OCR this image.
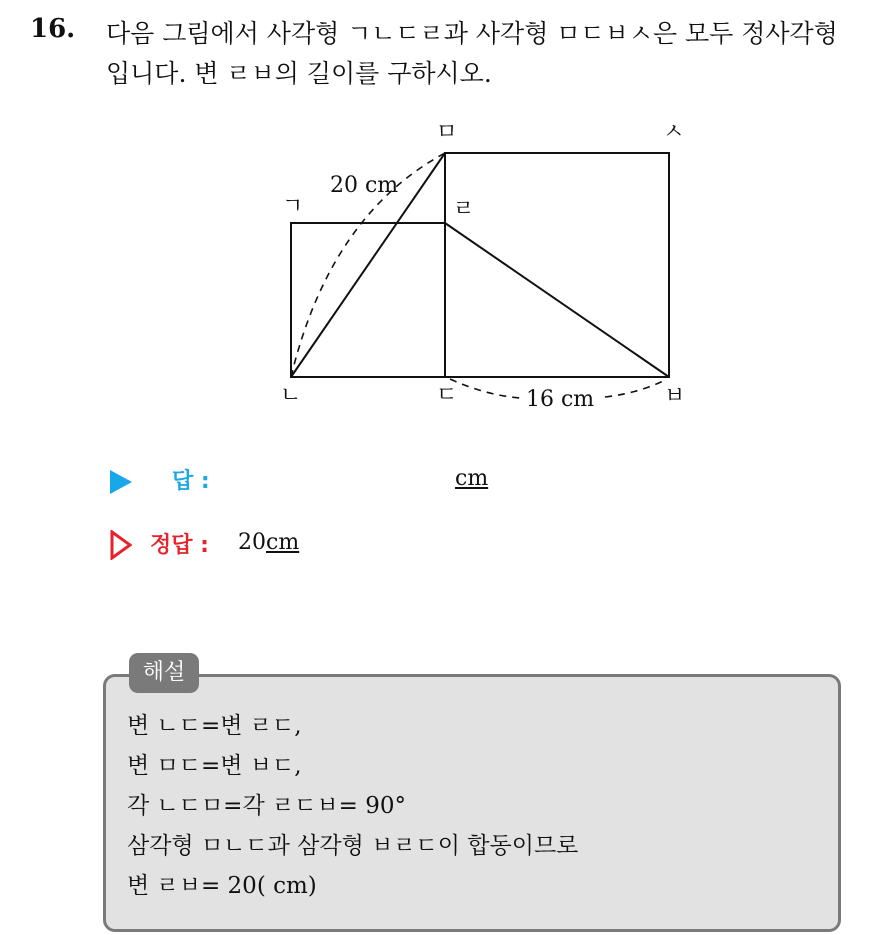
16. 다음 그림에서 사각형 ㄱㄴㄷㄹ과 사각형 ㅁㄷㅂㅅ은 모두 정사각형
입니다. 변 ㄹㅂ의 길이를 구하시오.
ㄱ
ㄴ	ㄷ
ㄹ
ㅁ	ㅅ
ㅂ
20 cm
16 cm
답 :	cm
정답 : 20cm
해설
변 ㄴㄷ=변 ㄹㄷ,
변 ㅁㄷ=변 ㅂㄷ,
각 ㄴㄷㅁ=각 ㄹㄷㅂ= 90°
삼각형 ㅁㄴㄷ과 삼각형 ㅂㄹㄷ이 합동이므로
변 ㄹㅂ= 20( cm)
